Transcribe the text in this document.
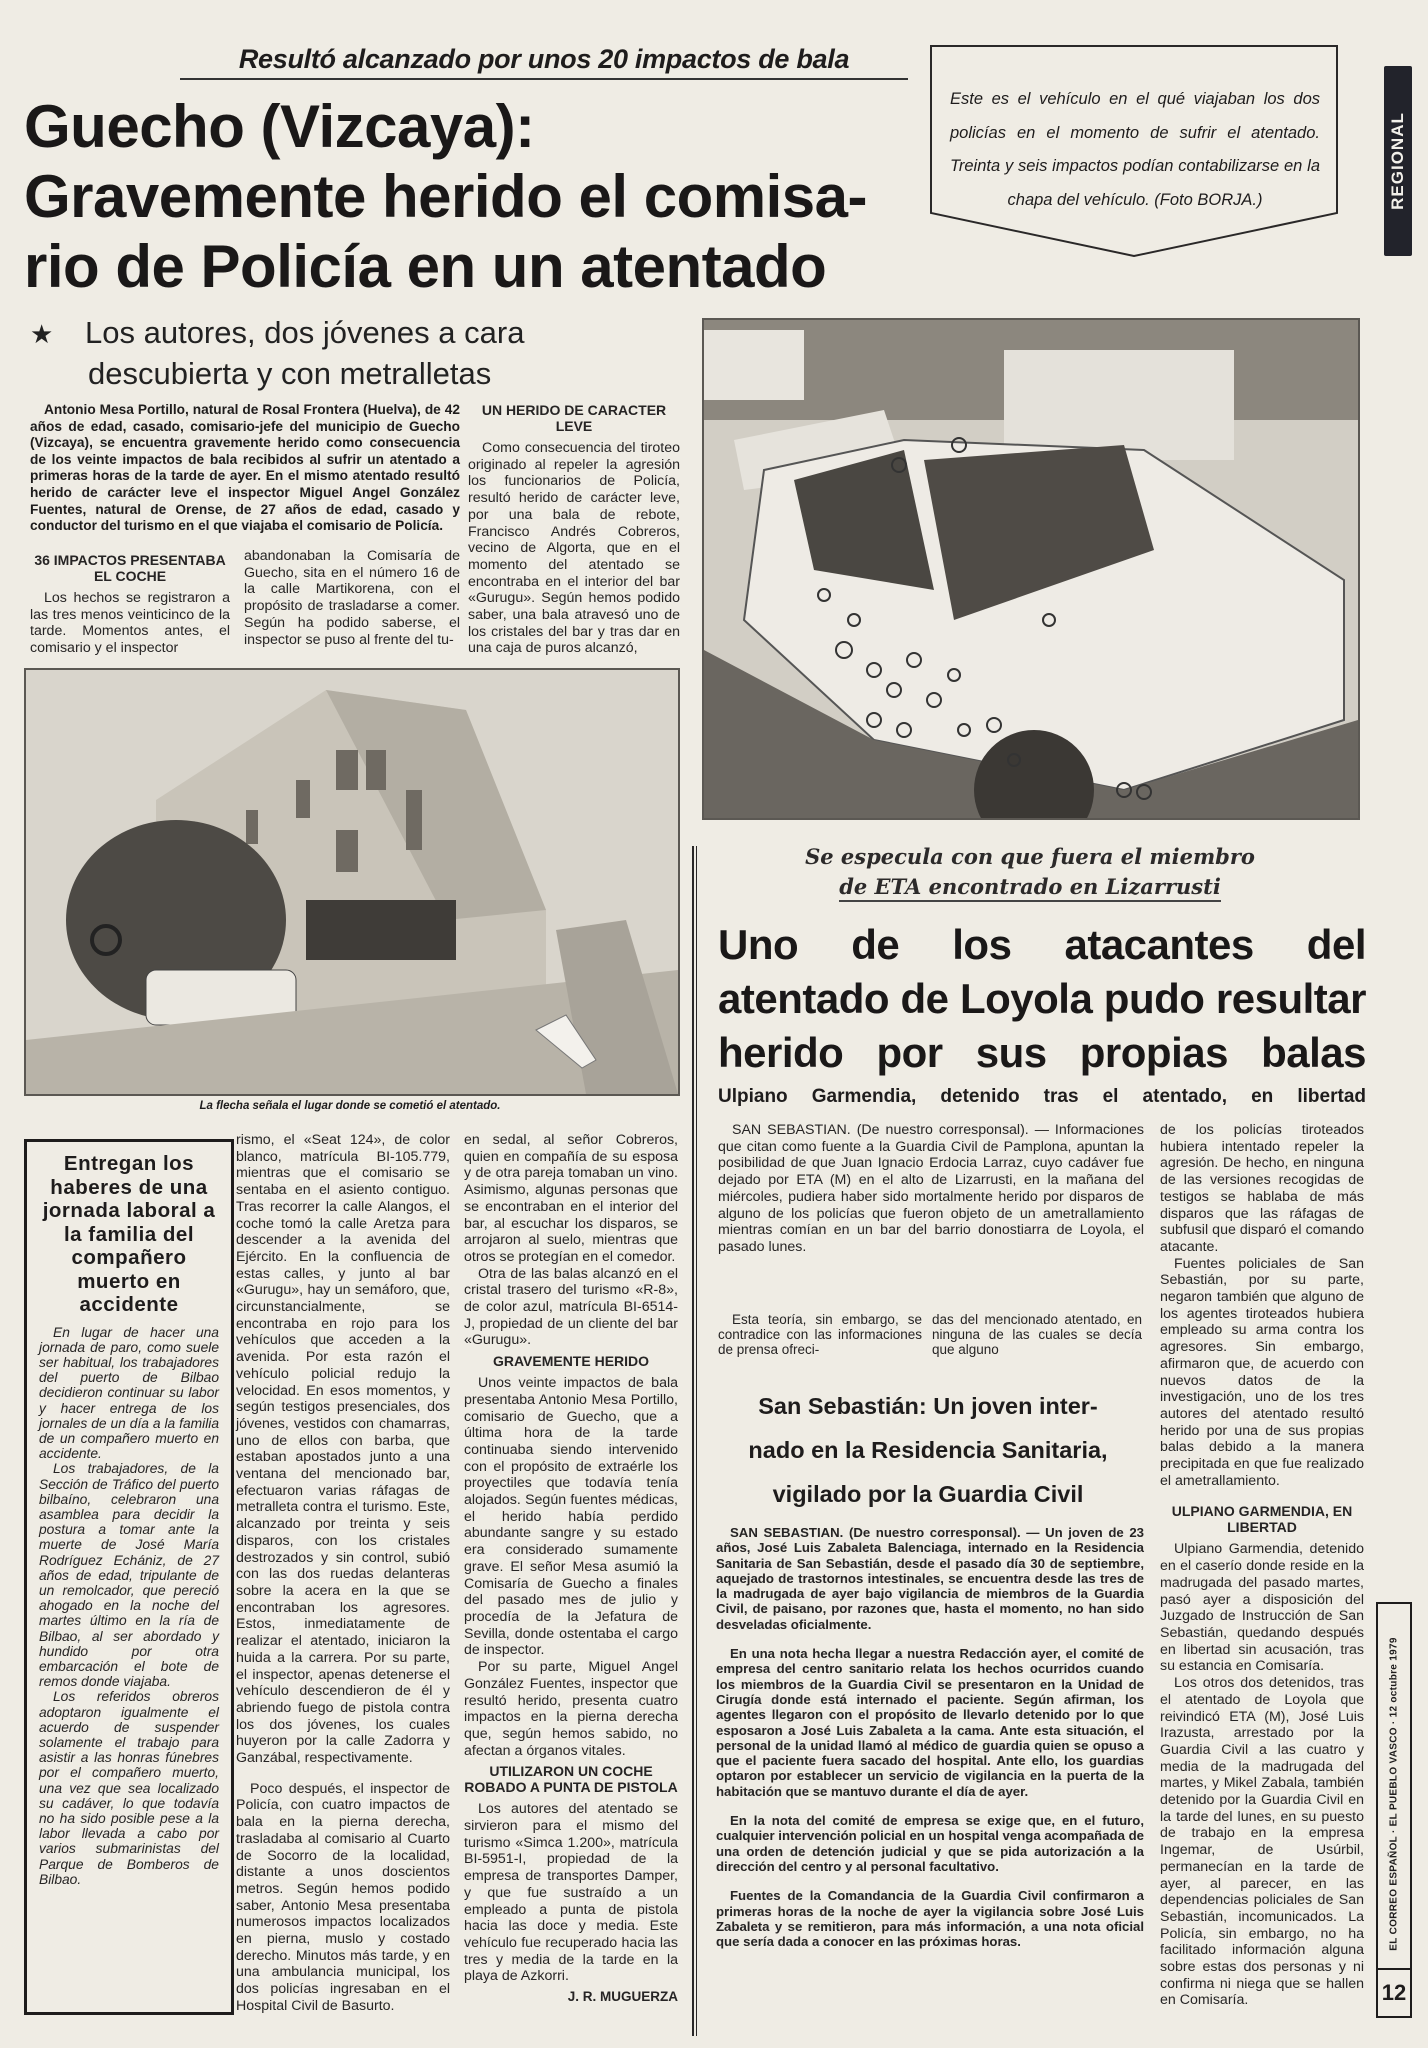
Resultó alcanzado por unos 20 impactos de bala
Guecho (Vizcaya):
Gravemente herido el comisa-
rio de Policía en un atentado
★ Los autores, dos jóvenes a cara
descubierta y con metralletas
Este es el vehículo en el qué viajaban los dos policías en el momento de sufrir el atentado. Treinta y seis impactos podían contabilizarse en la chapa del vehículo. (Foto BORJA.)	REGIONAL

Antonio Mesa Portillo, natural de Rosal Frontera (Huelva), de 42 años de edad, casado, comisario-jefe del municipio de Guecho (Vizcaya), se encuentra gravemente herido como consecuencia de los veinte impactos de bala recibidos al sufrir un atentado a primeras horas de la tarde de ayer. En el mismo atentado resultó herido de carácter leve el inspector Miguel Angel González Fuentes, natural de Orense, de 27 años de edad, casado y conductor del turismo en el que viajaba el comisario de Policía.

36 IMPACTOS PRESENTABA EL COCHE

Los hechos se registraron a las tres menos veinticinco de la tarde. Momentos antes, el comisario y el inspector

abandonaban la Comisaría de Guecho, sita en el número 16 de la calle Martikorena, con el propósito de trasladarse a comer. Según ha podido saberse, el inspector se puso al frente del tu-

UN HERIDO DE CARACTER LEVE

Como consecuencia del tiroteo originado al repeler la agresión los funcionarios de Policía, resultó herido de carácter leve, por una bala de rebote, Francisco Andrés Cobreros, vecino de Algorta, que en el momento del atentado se encontraba en el interior del bar «Gurugu». Según hemos podido saber, una bala atravesó uno de los cristales del bar y tras dar en una caja de puros alcanzó,

La flecha señala el lugar donde se cometió el atentado.
Entregan los haberes de una jornada laboral a la familia del compañero muerto en accidente

En lugar de hacer una jornada de paro, como suele ser habitual, los trabajadores del puerto de Bilbao decidieron continuar su labor y hacer entrega de los jornales de un día a la familia de un compañero muerto en accidente.

Los trabajadores, de la Sección de Tráfico del puerto bilbaíno, celebraron una asamblea para decidir la postura a tomar ante la muerte de José María Rodríguez Echániz, de 27 años de edad, tripulante de un remolcador, que pereció ahogado en la noche del martes último en la ría de Bilbao, al ser abordado y hundido por otra embarcación el bote de remos donde viajaba.

Los referidos obreros adoptaron igualmente el acuerdo de suspender solamente el trabajo para asistir a las honras fúnebres por el compañero muerto, una vez que sea localizado su cadáver, lo que todavía no ha sido posible pese a la labor llevada a cabo por varios submarinistas del Parque de Bomberos de Bilbao.

rismo, el «Seat 124», de color blanco, matrícula BI-105.779, mientras que el comisario se sentaba en el asiento contiguo. Tras recorrer la calle Alangos, el coche tomó la calle Aretza para descender a la avenida del Ejército. En la confluencia de estas calles, y junto al bar «Gurugu», hay un semáforo, que, circunstancialmente, se encontraba en rojo para los vehículos que acceden a la avenida. Por esta razón el vehículo policial redujo la velocidad. En esos momentos, y según testigos presenciales, dos jóvenes, vestidos con chamarras, uno de ellos con barba, que estaban apostados junto a una ventana del mencionado bar, efectuaron varias ráfagas de metralleta contra el turismo. Este, alcanzado por treinta y seis disparos, con los cristales destrozados y sin control, subió con las dos ruedas delanteras sobre la acera en la que se encontraban los agresores. Estos, inmediatamente de realizar el atentado, iniciaron la huida a la carrera. Por su parte, el inspector, apenas detenerse el vehículo descendieron de él y abriendo fuego de pistola contra los dos jóvenes, los cuales huyeron por la calle Zadorra y Ganzábal, respectivamente.

Poco después, el inspector de Policía, con cuatro impactos de bala en la pierna derecha, trasladaba al comisario al Cuarto de Socorro de la localidad, distante a unos doscientos metros. Según hemos podido saber, Antonio Mesa presentaba numerosos impactos localizados en pierna, muslo y costado derecho. Minutos más tarde, y en una ambulancia municipal, los dos policías ingresaban en el Hospital Civil de Basurto.

en sedal, al señor Cobreros, quien en compañía de su esposa y de otra pareja tomaban un vino. Asimismo, algunas personas que se encontraban en el interior del bar, al escuchar los disparos, se arrojaron al suelo, mientras que otros se protegían en el comedor.

Otra de las balas alcanzó en el cristal trasero del turismo «R-8», de color azul, matrícula BI-6514-J, propiedad de un cliente del bar «Gurugu».

GRAVEMENTE HERIDO

Unos veinte impactos de bala presentaba Antonio Mesa Portillo, comisario de Guecho, que a última hora de la tarde continuaba siendo intervenido con el propósito de extraérle los proyectiles que todavía tenía alojados. Según fuentes médicas, el herido había perdido abundante sangre y su estado era considerado sumamente grave. El señor Mesa asumió la Comisaría de Guecho a finales del pasado mes de julio y procedía de la Jefatura de Sevilla, donde ostentaba el cargo de inspector.

Por su parte, Miguel Angel González Fuentes, inspector que resultó herido, presenta cuatro impactos en la pierna derecha que, según hemos sabido, no afectan a órganos vitales.

UTILIZARON UN COCHE ROBADO A PUNTA DE PISTOLA

Los autores del atentado se sirvieron para el mismo del turismo «Simca 1.200», matrícula BI-5951-I, propiedad de la empresa de transportes Damper, y que fue sustraído a un empleado a punta de pistola hacia las doce y media. Este vehículo fue recuperado hacia las tres y media de la tarde en la playa de Azkorri.

J. R. MUGUERZA
Se especula con que fuera el miembro
de ETA encontrado en Lizarrusti
Uno de los atacantes del atentado de Loyola pudo resultar herido por sus propias balas
Ulpiano Garmendia, detenido tras el atentado, en libertad

SAN SEBASTIAN. (De nuestro corresponsal). — Informaciones que citan como fuente a la Guardia Civil de Pamplona, apuntan la posibilidad de que Juan Ignacio Erdocia Larraz, cuyo cadáver fue dejado por ETA (M) en el alto de Lizarrusti, en la mañana del miércoles, pudiera haber sido mortalmente herido por disparos de alguno de los policías que fueron objeto de un ametrallamiento mientras comían en un bar del barrio donostiarra de Loyola, el pasado lunes.

Esta teoría, sin embargo, se contradice con las informaciones de prensa ofreci-

das del mencionado atentado, en ninguna de las cuales se decía que alguno

de los policías tiroteados hubiera intentado repeler la agresión. De hecho, en ninguna de las versiones recogidas de testigos se hablaba de más disparos que las ráfagas de subfusil que disparó el comando atacante.

Fuentes policiales de San Sebastián, por su parte, negaron también que alguno de los agentes tiroteados hubiera empleado su arma contra los agresores. Sin embargo, afirmaron que, de acuerdo con nuevos datos de la investigación, uno de los tres autores del atentado resultó herido por una de sus propias balas debido a la manera precipitada en que fue realizado el ametrallamiento.

ULPIANO GARMENDIA, EN LIBERTAD

Ulpiano Garmendia, detenido en el caserío donde reside en la madrugada del pasado martes, pasó ayer a disposición del Juzgado de Instrucción de San Sebastián, quedando después en libertad sin acusación, tras su estancia en Comisaría.

Los otros dos detenidos, tras el atentado de Loyola que reivindicó ETA (M), José Luis Irazusta, arrestado por la Guardia Civil a las cuatro y media de la madrugada del martes, y Mikel Zabala, también detenido por la Guardia Civil en la tarde del lunes, en su puesto de trabajo en la empresa Ingemar, de Usúrbil, permanecían en la tarde de ayer, al parecer, en las dependencias policiales de San Sebastián, incomunicados. La Policía, sin embargo, no ha facilitado información alguna sobre estas dos personas y ni confirma ni niega que se hallen en Comisaría.

San Sebastián: Un joven inter-
nado en la Residencia Sanitaria,
vigilado por la Guardia Civil

SAN SEBASTIAN. (De nuestro corresponsal). — Un joven de 23 años, José Luis Zabaleta Balenciaga, internado en la Residencia Sanitaria de San Sebastián, desde el pasado día 30 de septiembre, aquejado de trastornos intestinales, se encuentra desde las tres de la madrugada de ayer bajo vigilancia de miembros de la Guardia Civil, de paisano, por razones que, hasta el momento, no han sido desveladas oficialmente.

En una nota hecha llegar a nuestra Redacción ayer, el comité de empresa del centro sanitario relata los hechos ocurridos cuando los miembros de la Guardia Civil se presentaron en la Unidad de Cirugía donde está internado el paciente. Según afirman, los agentes llegaron con el propósito de llevarlo detenido por lo que esposaron a José Luis Zabaleta a la cama. Ante esta situación, el personal de la unidad llamó al médico de guardia quien se opuso a que el paciente fuera sacado del hospital. Ante ello, los guardias optaron por establecer un servicio de vigilancia en la puerta de la habitación que se mantuvo durante el día de ayer.

En la nota del comité de empresa se exige que, en el futuro, cualquier intervención policial en un hospital venga acompañada de una orden de detención judicial y que se pida autorización a la dirección del centro y al personal facultativo.

Fuentes de la Comandancia de la Guardia Civil confirmaron a primeras horas de la noche de ayer la vigilancia sobre José Luis Zabaleta y se remitieron, para más información, a una nota oficial que sería dada a conocer en las próximas horas.	EL CORREO ESPAÑOL · EL PUEBLO VASCO · 12 octubre 1979
12
